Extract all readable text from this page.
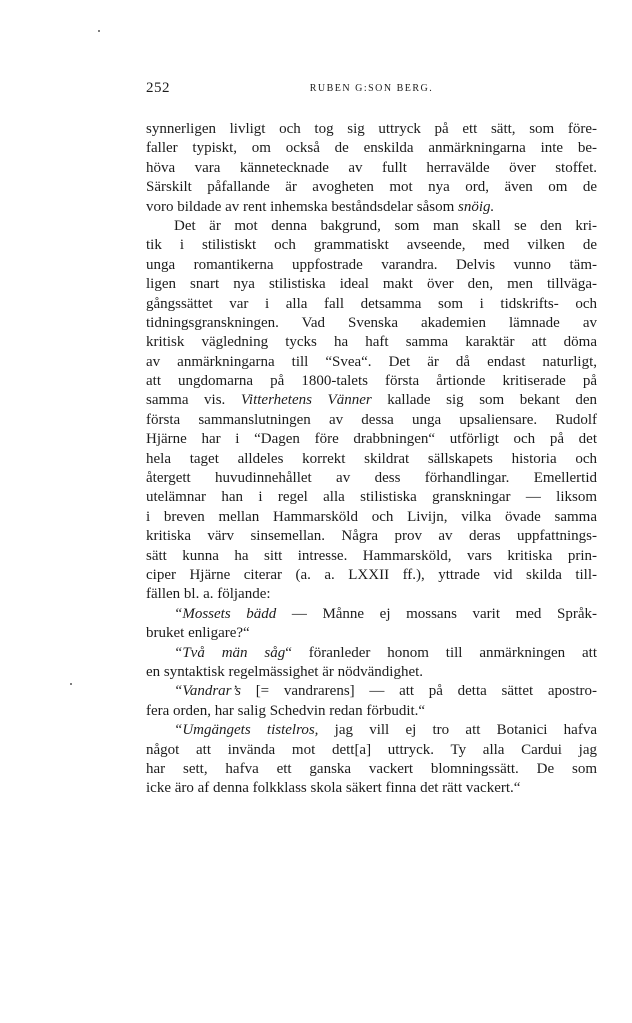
252	RUBEN G:SON BERG.
synnerligen livligt och tog sig uttryck på ett sätt, som före-
faller typiskt, om också de enskilda anmärkningarna inte be-
höva vara kännetecknade av fullt herravälde över stoffet.
Särskilt påfallande är avogheten mot nya ord, även om de
voro bildade av rent inhemska beståndsdelar såsom snöig.
Det är mot denna bakgrund, som man skall se den kri-
tik i stilistiskt och grammatiskt avseende, med vilken de
unga romantikerna uppfostrade varandra. Delvis vunno täm-
ligen snart nya stilistiska ideal makt över den, men tillväga-
gångssättet var i alla fall detsamma som i tidskrifts- och
tidningsgranskningen. Vad Svenska akademien lämnade av
kritisk vägledning tycks ha haft samma karaktär att döma
av anmärkningarna till “Svea“. Det är då endast naturligt,
att ungdomarna på 1800-talets första årtionde kritiserade på
samma vis. Vitterhetens Vänner kallade sig som bekant den
första sammanslutningen av dessa unga upsaliensare. Rudolf
Hjärne har i “Dagen före drabbningen“ utförligt och på det
hela taget alldeles korrekt skildrat sällskapets historia och
återgett huvudinnehållet av dess förhandlingar. Emellertid
utelämnar han i regel alla stilistiska granskningar — liksom
i breven mellan Hammarsköld och Livijn, vilka övade samma
kritiska värv sinsemellan. Några prov av deras uppfattnings-
sätt kunna ha sitt intresse. Hammarsköld, vars kritiska prin-
ciper Hjärne citerar (a. a. LXXII ff.), yttrade vid skilda till-
fällen bl. a. följande:
“Mossets bädd — Månne ej mossans varit med Språk-
bruket enligare?“
“Två män såg“ föranleder honom till anmärkningen att
en syntaktisk regelmässighet är nödvändighet.
“Vandrar’s [= vandrarens] — att på detta sättet apostro-
fera orden, har salig Schedvin redan förbudit.“
“Umgängets tistelros, jag vill ej tro att Botanici hafva
något att invända mot dett[a] uttryck. Ty alla Cardui jag
har sett, hafva ett ganska vackert blomningssätt. De som
icke äro af denna folkklass skola säkert finna det rätt vackert.“
